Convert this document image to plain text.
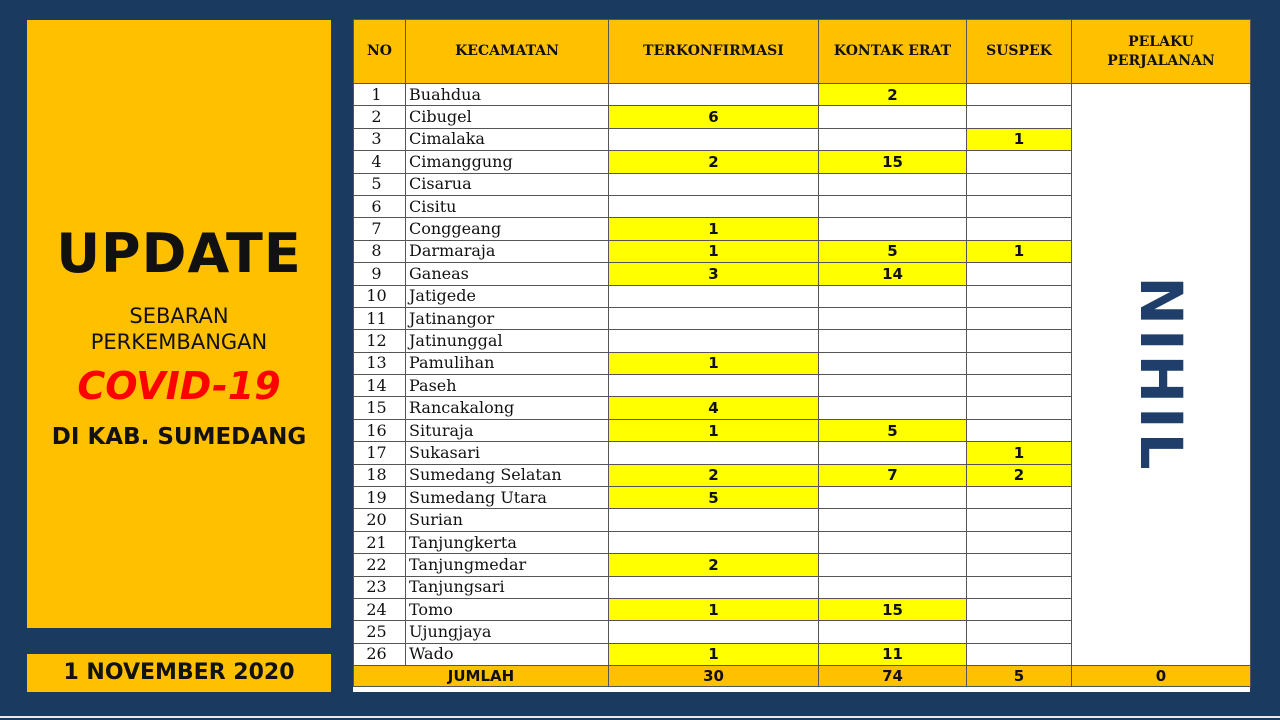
UPDATE
SEBARAN
PERKEMBANGAN
COVID-19
DI KAB. SUMEDANG
1 NOVEMBER 2020
NO	KECAMATAN	TERKONFIRMASI	KONTAK ERAT	SUSPEK	PELAKU
PERJALANAN
1	Buahdua		2		NIHIL

2	Cibugel	6			
3	Cimalaka			1	
4	Cimanggung	2	15		
5	Cisarua				
6	Cisitu				
7	Conggeang	1			
8	Darmaraja	1	5	1	
9	Ganeas	3	14		
10	Jatigede				
11	Jatinangor				
12	Jatinunggal				
13	Pamulihan	1			
14	Paseh				
15	Rancakalong	4			
16	Situraja	1	5		
17	Sukasari			1	
18	Sumedang Selatan	2	7	2	
19	Sumedang Utara	5			
20	Surian				
21	Tanjungkerta				
22	Tanjungmedar	2			
23	Tanjungsari				
24	Tomo	1	15		
25	Ujungjaya				
26	Wado	1	11		
JUMLAH		30	74	5	0
